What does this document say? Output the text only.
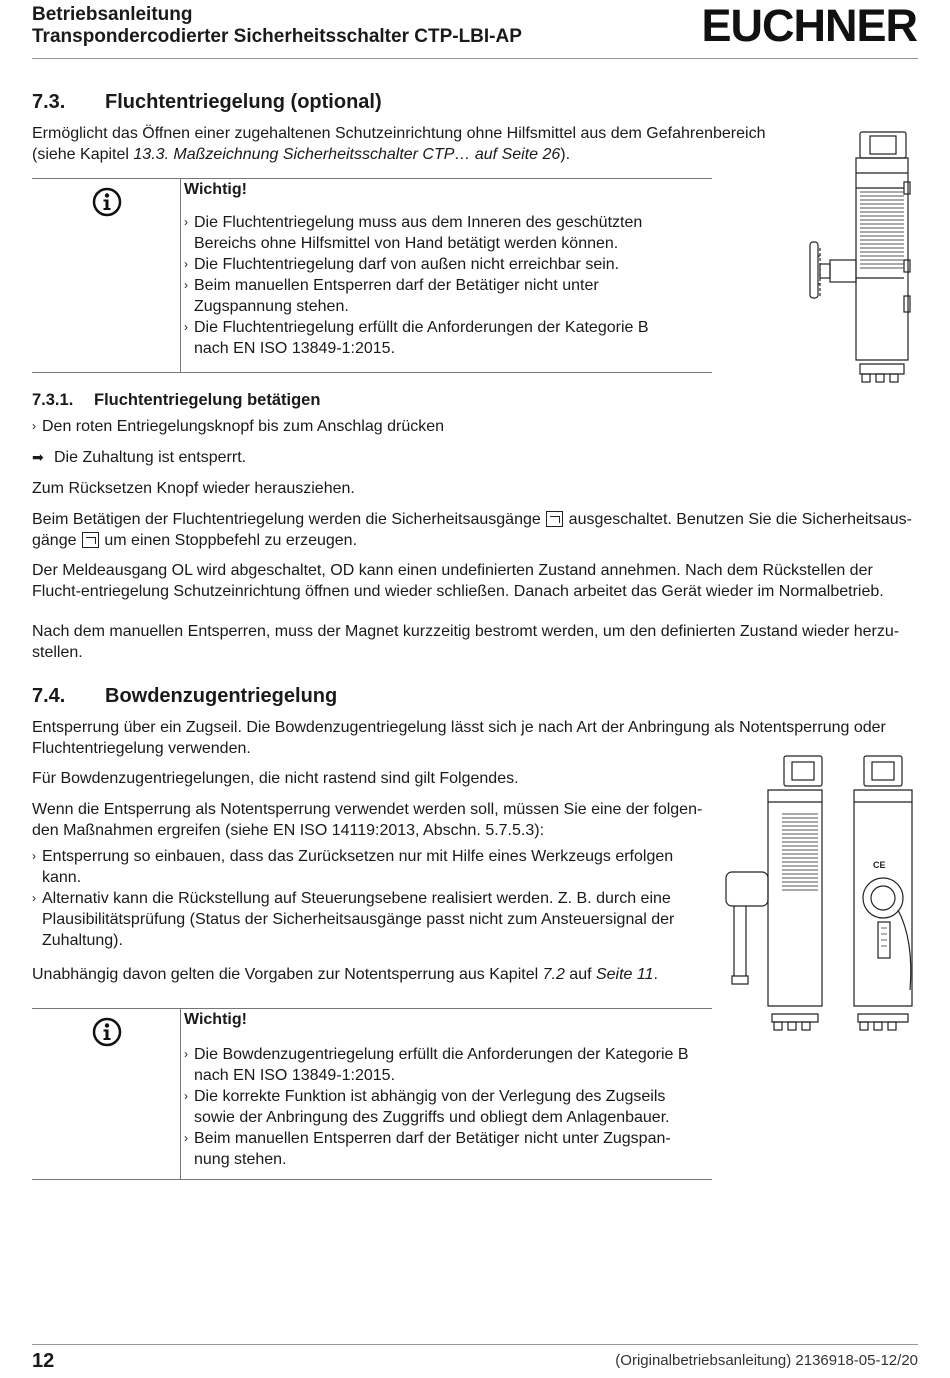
Betriebsanleitung
Transpondercodierter Sicherheitsschalter CTP-LBI-AP	EUCHNER
7.3. Fluchtentriegelung (optional)

Ermöglicht das Öffnen einer zugehaltenen Schutzeinrichtung ohne Hilfsmittel aus dem Gefahrenbereich (siehe Kapitel 13.3. Maßzeichnung Sicherheitsschalter CTP… auf Seite 26).

Wichtig!
› Die Fluchtentriegelung muss aus dem Inneren des geschützten Bereichs ohne Hilfsmittel von Hand betätigt werden können.
› Die Fluchtentriegelung darf von außen nicht erreichbar sein.
› Beim manuellen Entsperren darf der Betätiger nicht unter Zugspannung stehen.
› Die Fluchtentriegelung erfüllt die Anforderungen der Kategorie B nach EN ISO 13849-1:2015.
7.3.1. Fluchtentriegelung betätigen
› Den roten Entriegelungsknopf bis zum Anschlag drücken

➡ Die Zuhaltung ist entsperrt.

Zum Rücksetzen Knopf wieder herausziehen.

Beim Betätigen der Fluchtentriegelung werden die Sicherheitsausgänge  ausgeschaltet. Benutzen Sie die Sicherheitsaus-gänge  um einen Stoppbefehl zu erzeugen.

Der Meldeausgang OL wird abgeschaltet, OD kann einen undefinierten Zustand annehmen. Nach dem Rückstellen der Flucht-entriegelung Schutzeinrichtung öffnen und wieder schließen. Danach arbeitet das Gerät wieder im Normalbetrieb.

Nach dem manuellen Entsperren, muss der Magnet kurzzeitig bestromt werden, um den definierten Zustand wieder herzu-stellen.

7.4. Bowdenzugentriegelung

Entsperrung über ein Zugseil. Die Bowdenzugentriegelung lässt sich je nach Art der Anbringung als Notentsperrung oder Fluchtentriegelung verwenden.

Für Bowdenzugentriegelungen, die nicht rastend sind gilt Folgendes.

Wenn die Entsperrung als Notentsperrung verwendet werden soll, müssen Sie eine der folgen-den Maßnahmen ergreifen (siehe EN ISO 14119:2013, Abschn. 5.7.5.3):

› Entsperrung so einbauen, dass das Zurücksetzen nur mit Hilfe eines Werkzeugs erfolgen kann.
› Alternativ kann die Rückstellung auf Steuerungsebene realisiert werden. Z. B. durch eine Plausibilitätsprüfung (Status der Sicherheitsausgänge passt nicht zum Ansteuersignal der Zuhaltung).

Unabhängig davon gelten die Vorgaben zur Notentsperrung aus Kapitel 7.2 auf Seite 11.

CE
Wichtig!
› Die Bowdenzugentriegelung erfüllt die Anforderungen der Kategorie B nach EN ISO 13849-1:2015.
› Die korrekte Funktion ist abhängig von der Verlegung des Zugseils sowie der Anbringung des Zuggriffs und obliegt dem Anlagenbauer.
› Beim manuellen Entsperren darf der Betätiger nicht unter Zugspan-nung stehen.
12	(Originalbetriebsanleitung) 2136918-05-12/20
